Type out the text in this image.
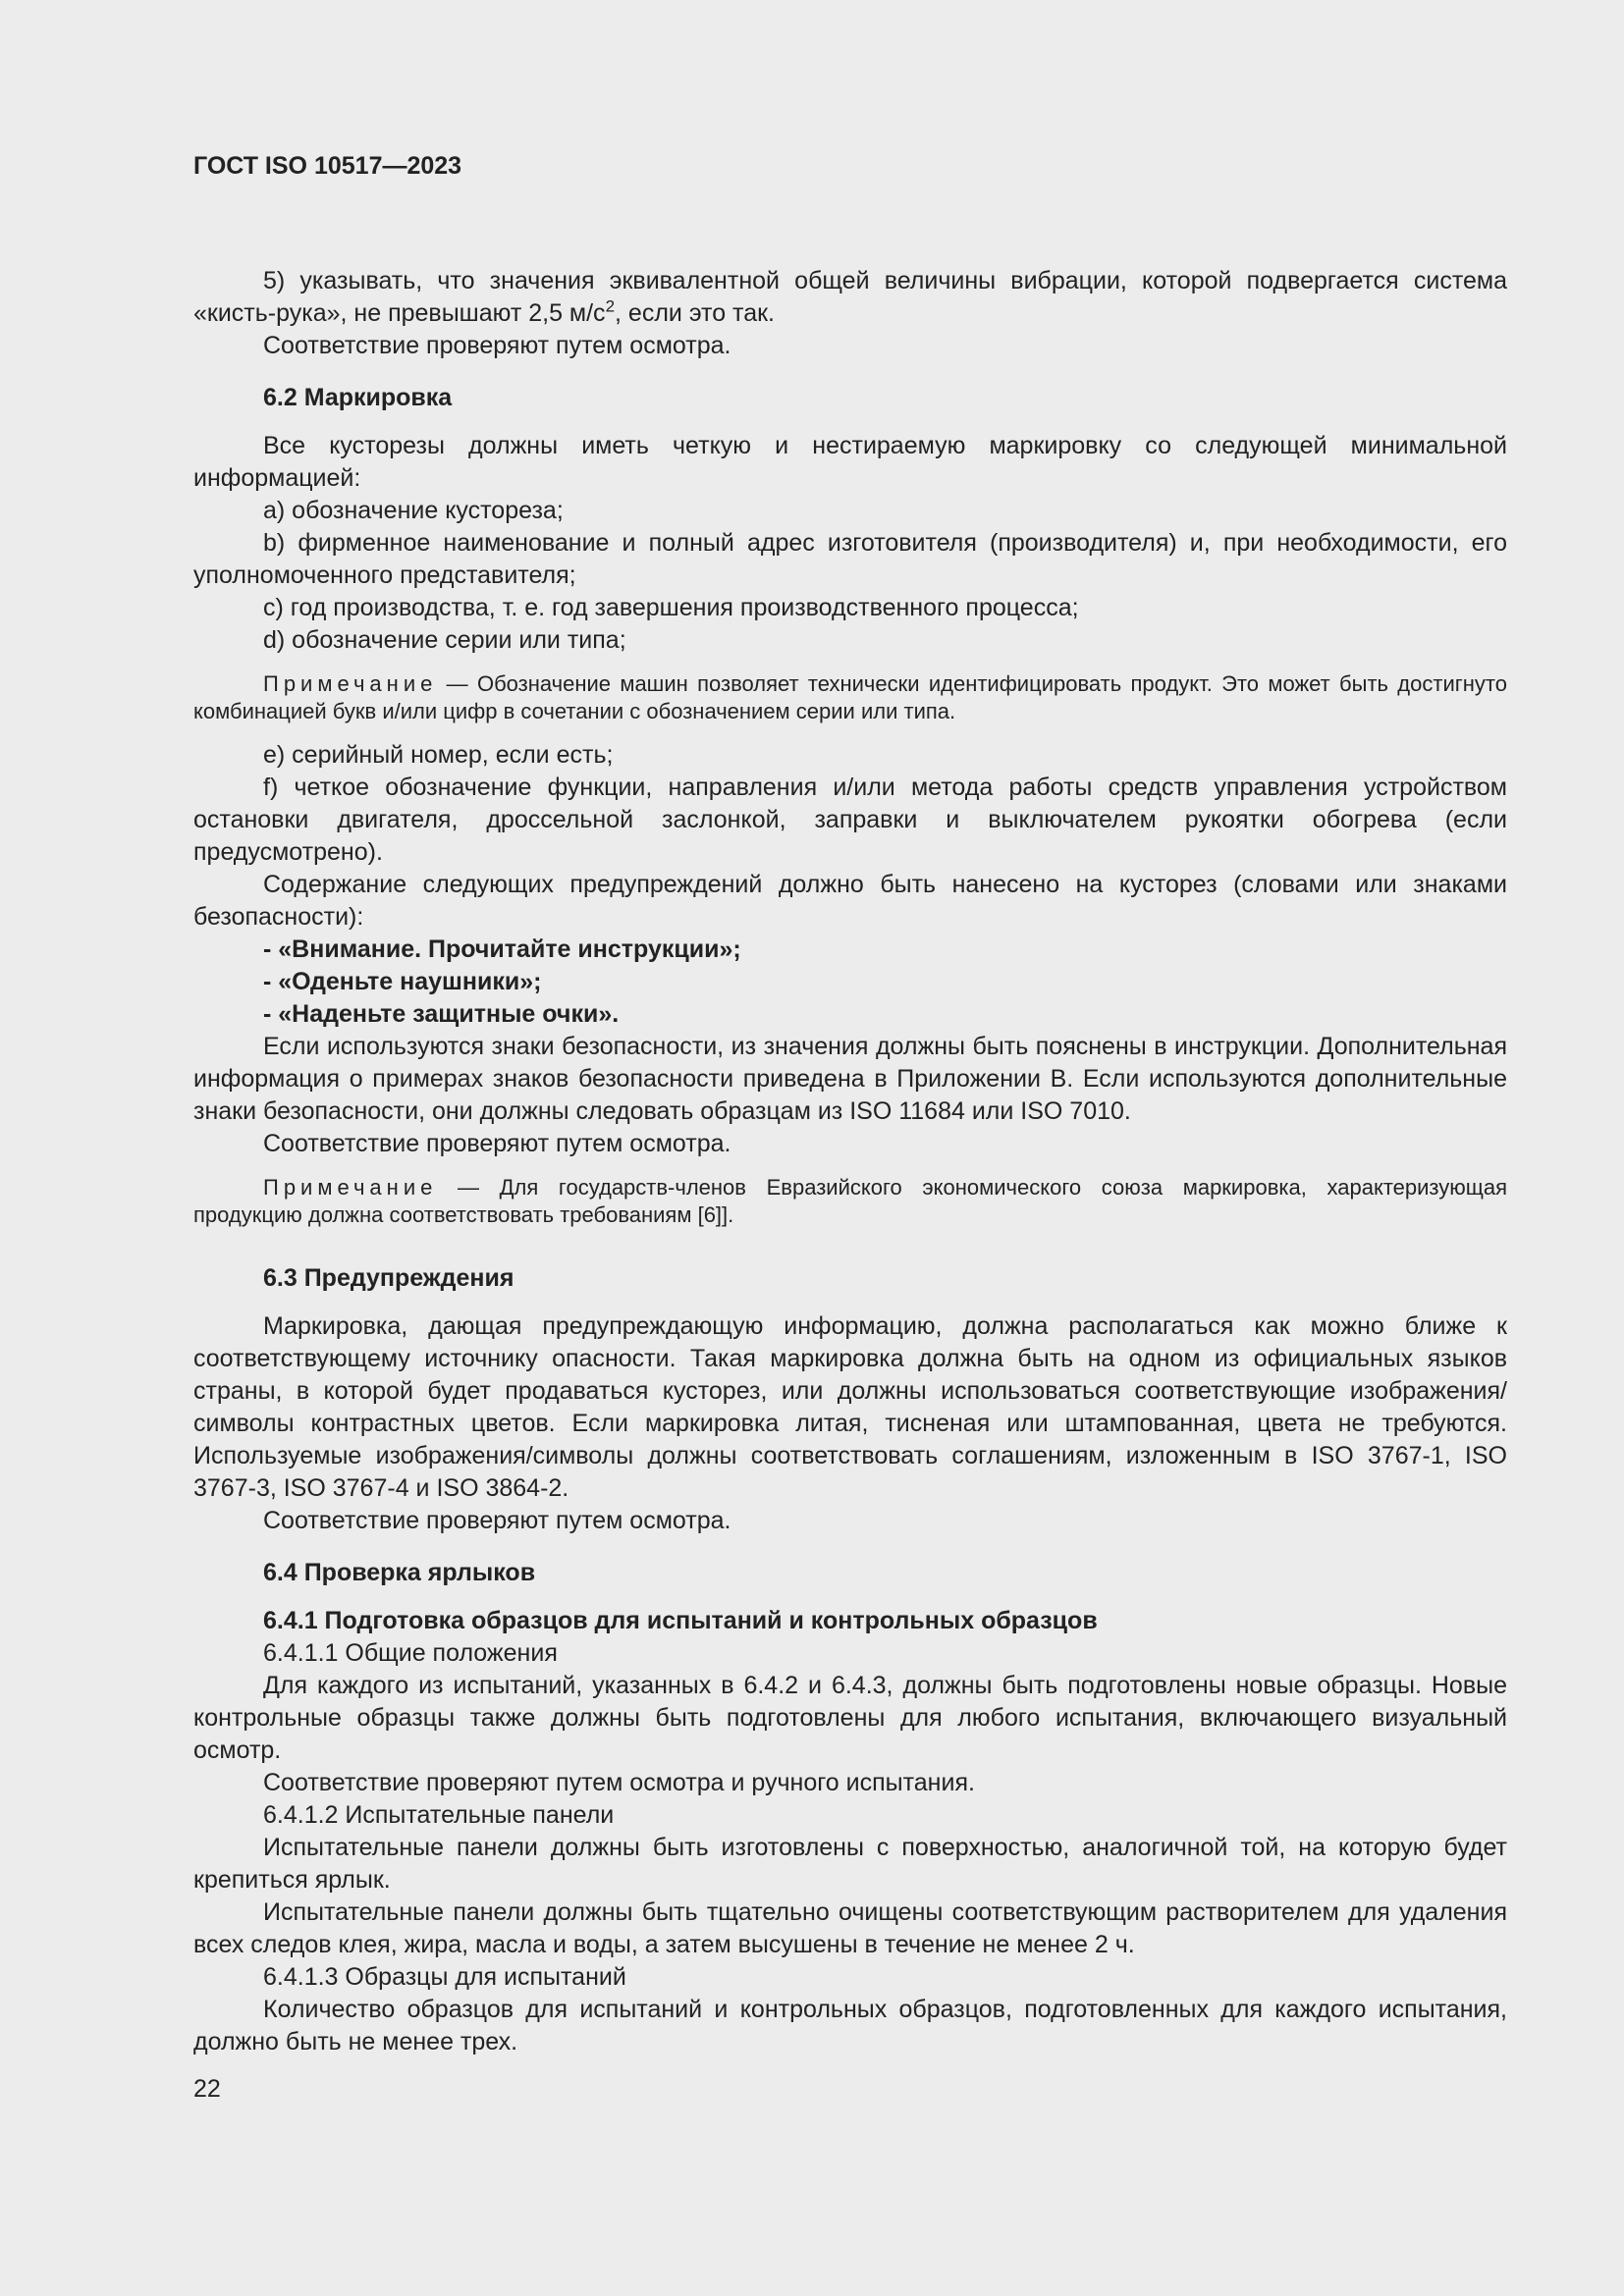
ГОСТ ISO 10517—2023

5) указывать, что значения эквивалентной общей величины вибрации, которой подвергается система «кисть-рука», не превышают 2,5 $м/с^2$, если это так.

Соответствие проверяют путем осмотра.

6.2 Маркировка

Все кусторезы должны иметь четкую и нестираемую маркировку со следующей минимальной информацией:

a) обозначение кустореза;

b) фирменное наименование и полный адрес изготовителя (производителя) и, при необходимости, его уполномоченного представителя;

c) год производства, т. е. год завершения производственного процесса;

d) обозначение серии или типа;

Примечание — Обозначение машин позволяет технически идентифицировать продукт. Это может быть достигнуто комбинацией букв и/или цифр в сочетании с обозначением серии или типа.

e) серийный номер, если есть;

f) четкое обозначение функции, направления и/или метода работы средств управления устройством остановки двигателя, дроссельной заслонкой, заправки и выключателем рукоятки обогрева (если предусмотрено).

Содержание следующих предупреждений должно быть нанесено на кусторез (словами или знаками безопасности):

- «Внимание. Прочитайте инструкции»;
- «Оденьте наушники»;
- «Наденьте защитные очки».

Если используются знаки безопасности, из значения должны быть пояснены в инструкции. Дополнительная информация о примерах знаков безопасности приведена в Приложении В. Если используются дополнительные знаки безопасности, они должны следовать образцам из ISO 11684 или ISO 7010.

Соответствие проверяют путем осмотра.

Примечание — Для государств-членов Евразийского экономического союза маркировка, характеризующая продукцию должна соответствовать требованиям [6]].

6.3 Предупреждения

Маркировка, дающая предупреждающую информацию, должна располагаться как можно ближе к соответствующему источнику опасности. Такая маркировка должна быть на одном из официальных языков страны, в которой будет продаваться кусторез, или должны использоваться соответствующие изображения/символы контрастных цветов. Если маркировка литая, тисненая или штампованная, цвета не требуются. Используемые изображения/символы должны соответствовать соглашениям, изложенным в ISO 3767-1, ISO 3767-3, ISO 3767-4 и ISO 3864-2.

Соответствие проверяют путем осмотра.

6.4 Проверка ярлыков
6.4.1 Подготовка образцов для испытаний и контрольных образцов
6.4.1.1 Общие положения

Для каждого из испытаний, указанных в 6.4.2 и 6.4.3, должны быть подготовлены новые образцы. Новые контрольные образцы также должны быть подготовлены для любого испытания, включающего визуальный осмотр.

Соответствие проверяют путем осмотра и ручного испытания.

6.4.1.2 Испытательные панели

Испытательные панели должны быть изготовлены с поверхностью, аналогичной той, на которую будет крепиться ярлык.

Испытательные панели должны быть тщательно очищены соответствующим растворителем для удаления всех следов клея, жира, масла и воды, а затем высушены в течение не менее 2 ч.

6.4.1.3 Образцы для испытаний

Количество образцов для испытаний и контрольных образцов, подготовленных для каждого испытания, должно быть не менее трех.

22
